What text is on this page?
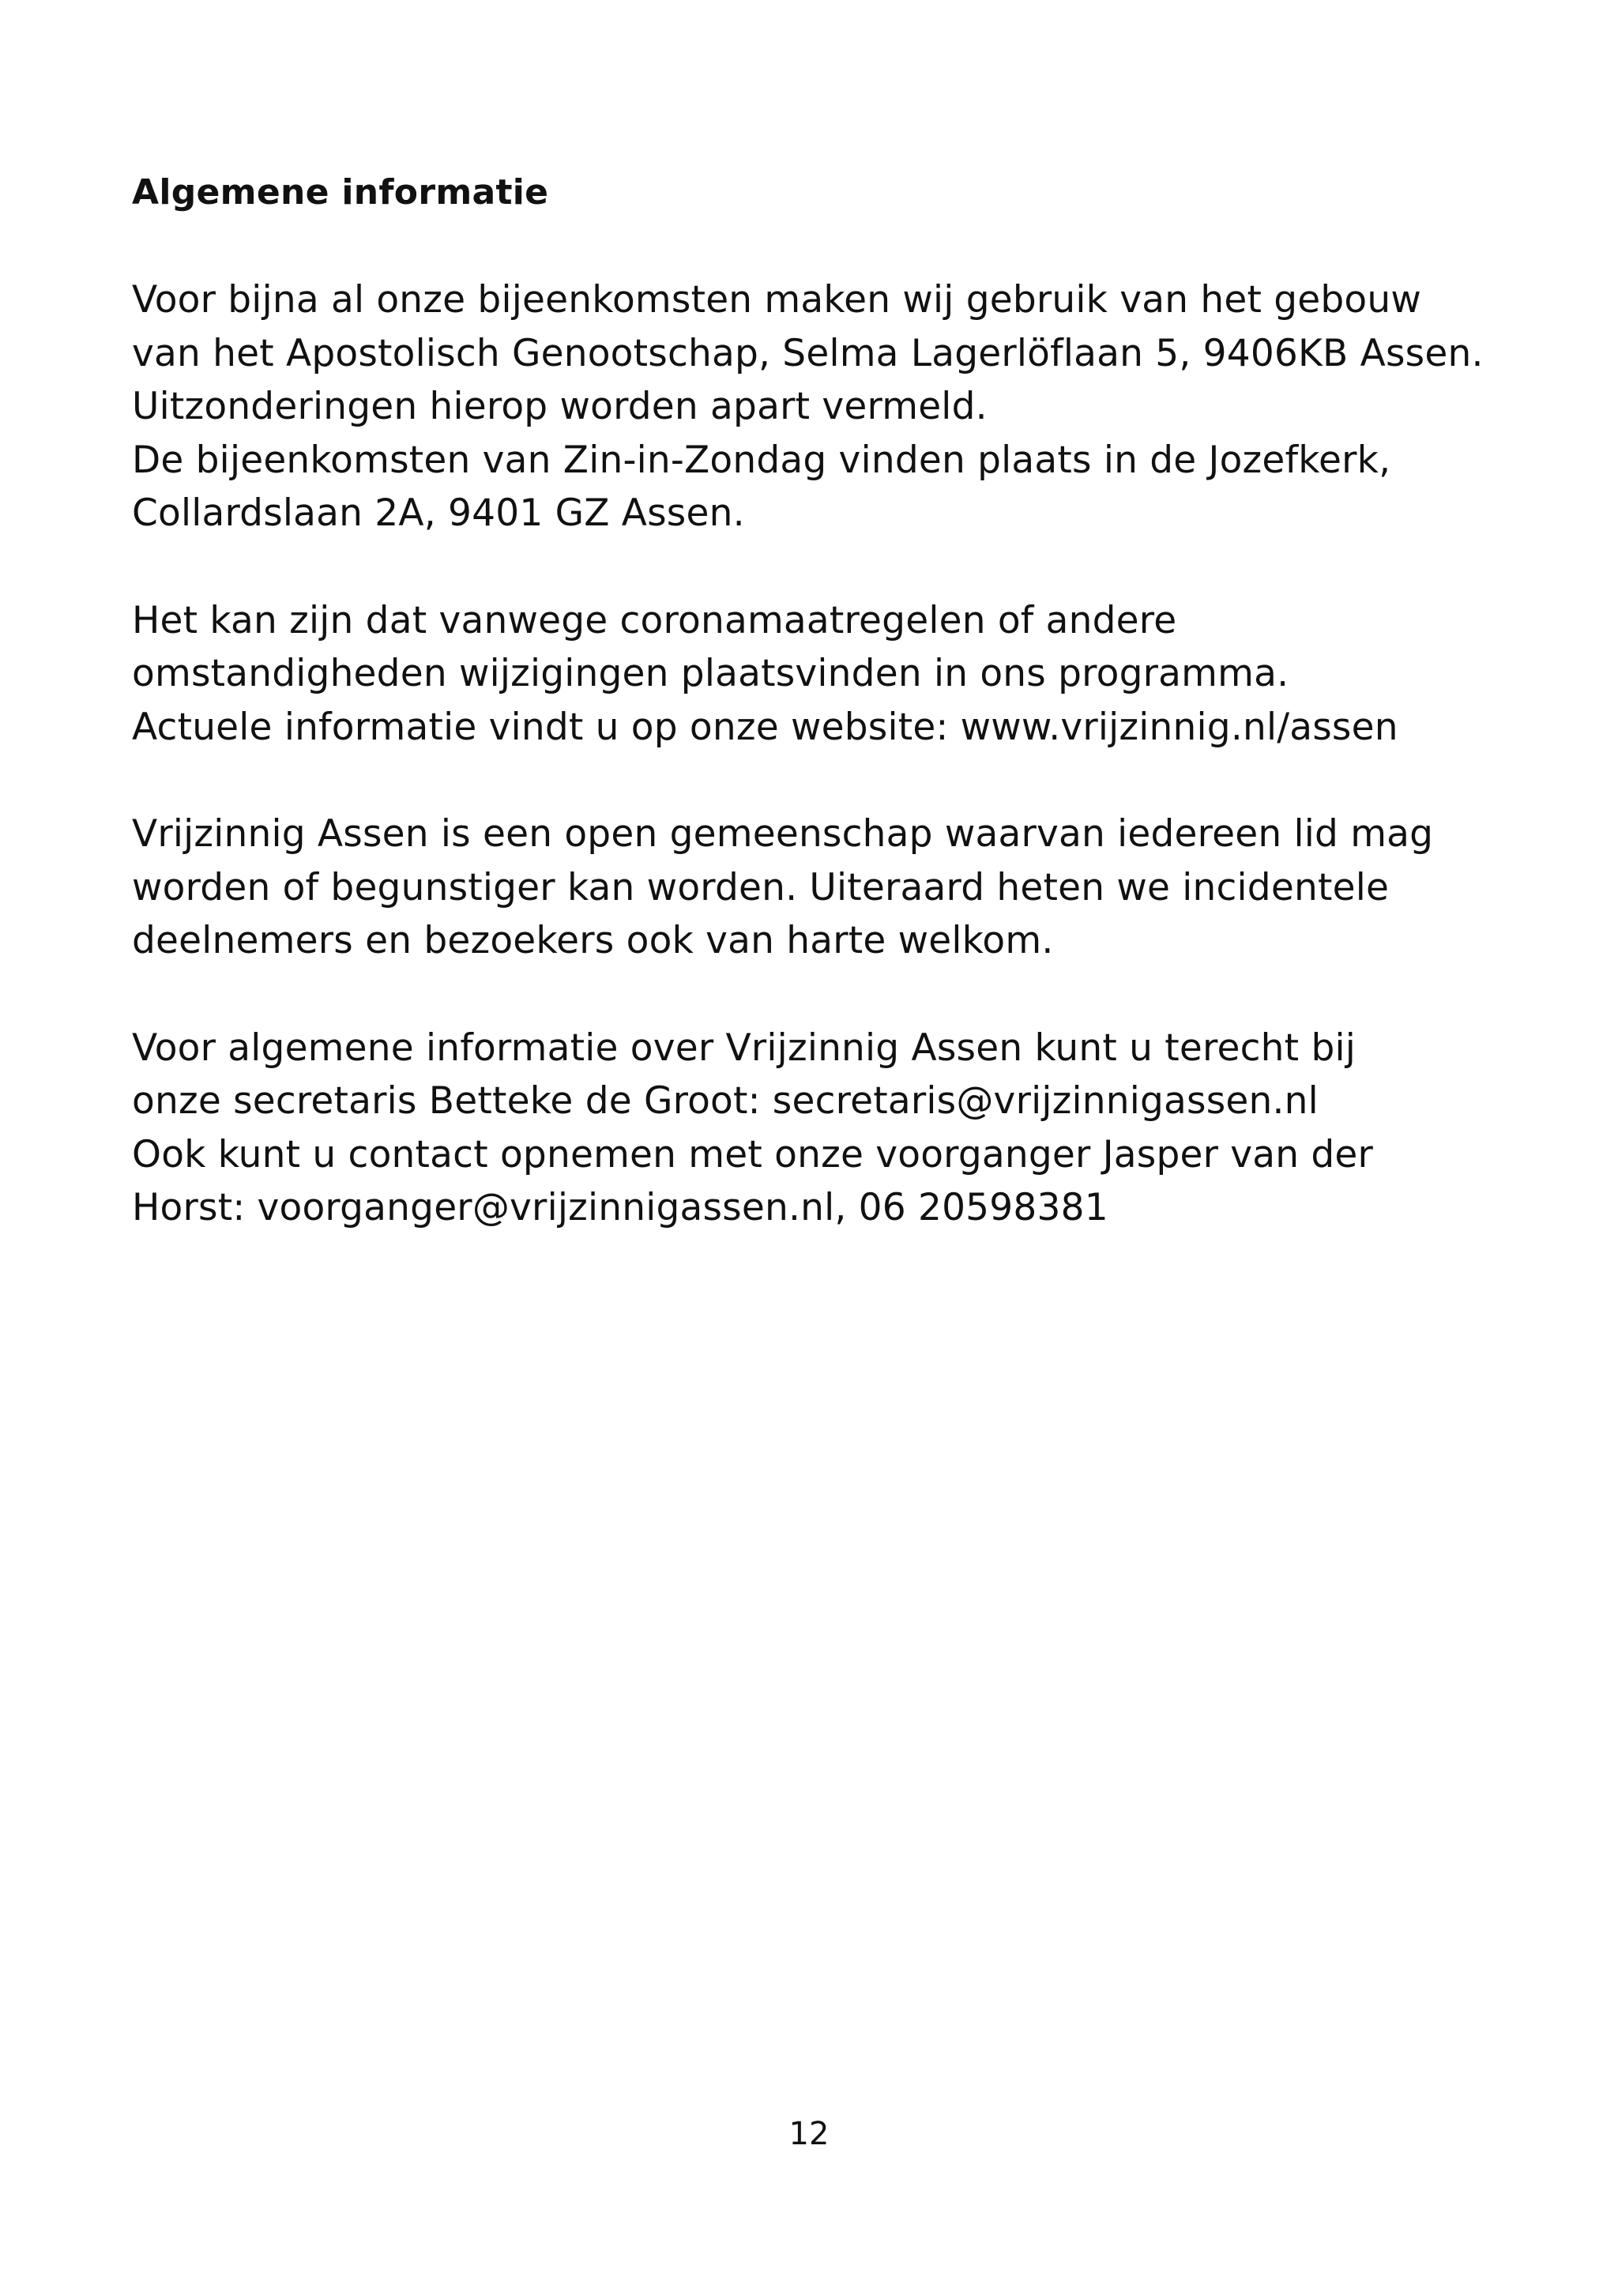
Algemene informatie
Voor bijna al onze bijeenkomsten maken wij gebruik van het gebouw
van het Apostolisch Genootschap, Selma Lagerlöflaan 5, 9406KB Assen.
Uitzonderingen hierop worden apart vermeld.
De bijeenkomsten van Zin-in-Zondag vinden plaats in de Jozefkerk,
Collardslaan 2A, 9401 GZ Assen.
Het kan zijn dat vanwege coronamaatregelen of andere
omstandigheden wijzigingen plaatsvinden in ons programma.
Actuele informatie vindt u op onze website: www.vrijzinnig.nl/assen
Vrijzinnig Assen is een open gemeenschap waarvan iedereen lid mag
worden of begunstiger kan worden. Uiteraard heten we incidentele
deelnemers en bezoekers ook van harte welkom.
Voor algemene informatie over Vrijzinnig Assen kunt u terecht bij
onze secretaris Betteke de Groot: secretaris@vrijzinnigassen.nl
Ook kunt u contact opnemen met onze voorganger Jasper van der
Horst: voorganger@vrijzinnigassen.nl, 06 20598381
12
